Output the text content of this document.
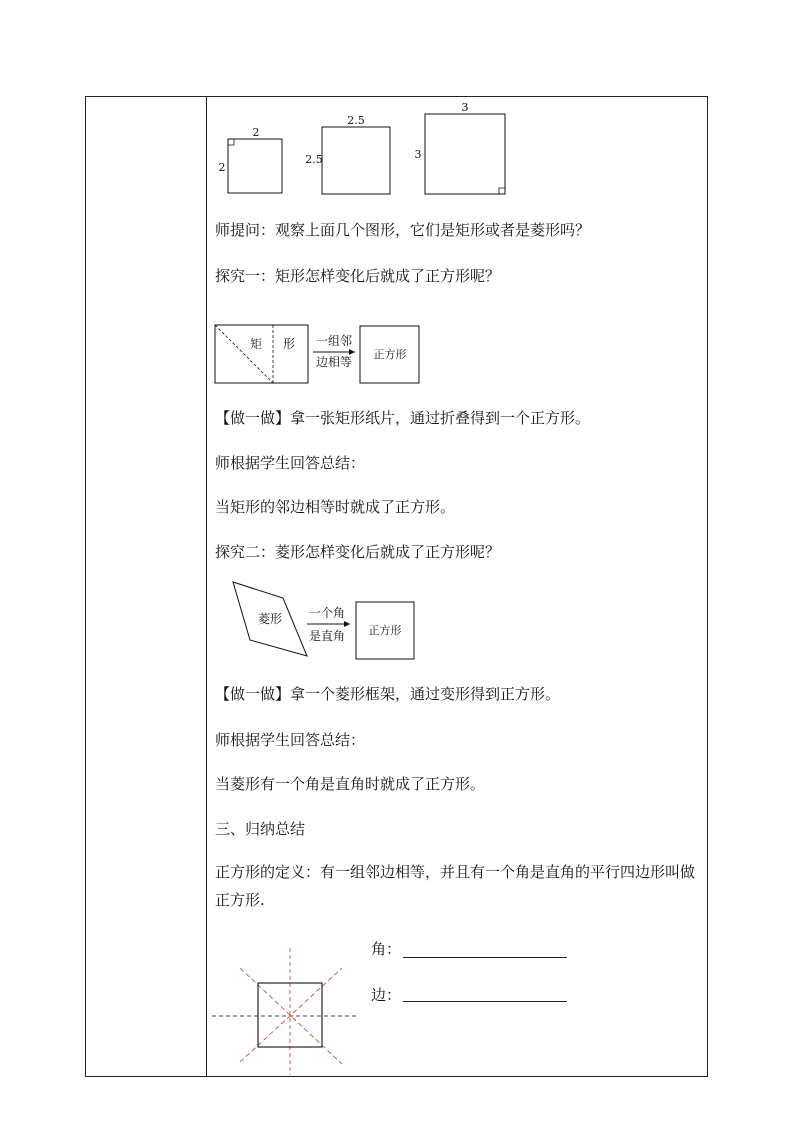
2
2
2.5
2.5
3
3
师提问：观察上面几个图形，它们是矩形或者是菱形吗？
探究一：矩形怎样变化后就成了正方形呢？
矩 形 一组邻
边相等
正方形
【做一做】拿一张矩形纸片，通过折叠得到一个正方形。
师根据学生回答总结：
当矩形的邻边相等时就成了正方形。
探究二：菱形怎样变化后就成了正方形呢？
菱形 一个角
是直角 正方形
【做一做】拿一个菱形框架，通过变形得到正方形。
师根据学生回答总结：
当菱形有一个角是直角时就成了正方形。
三、归纳总结
正方形的定义：有一组邻边相等，并且有一个角是直角的平行四边形叫做正方形.
角：
边：
